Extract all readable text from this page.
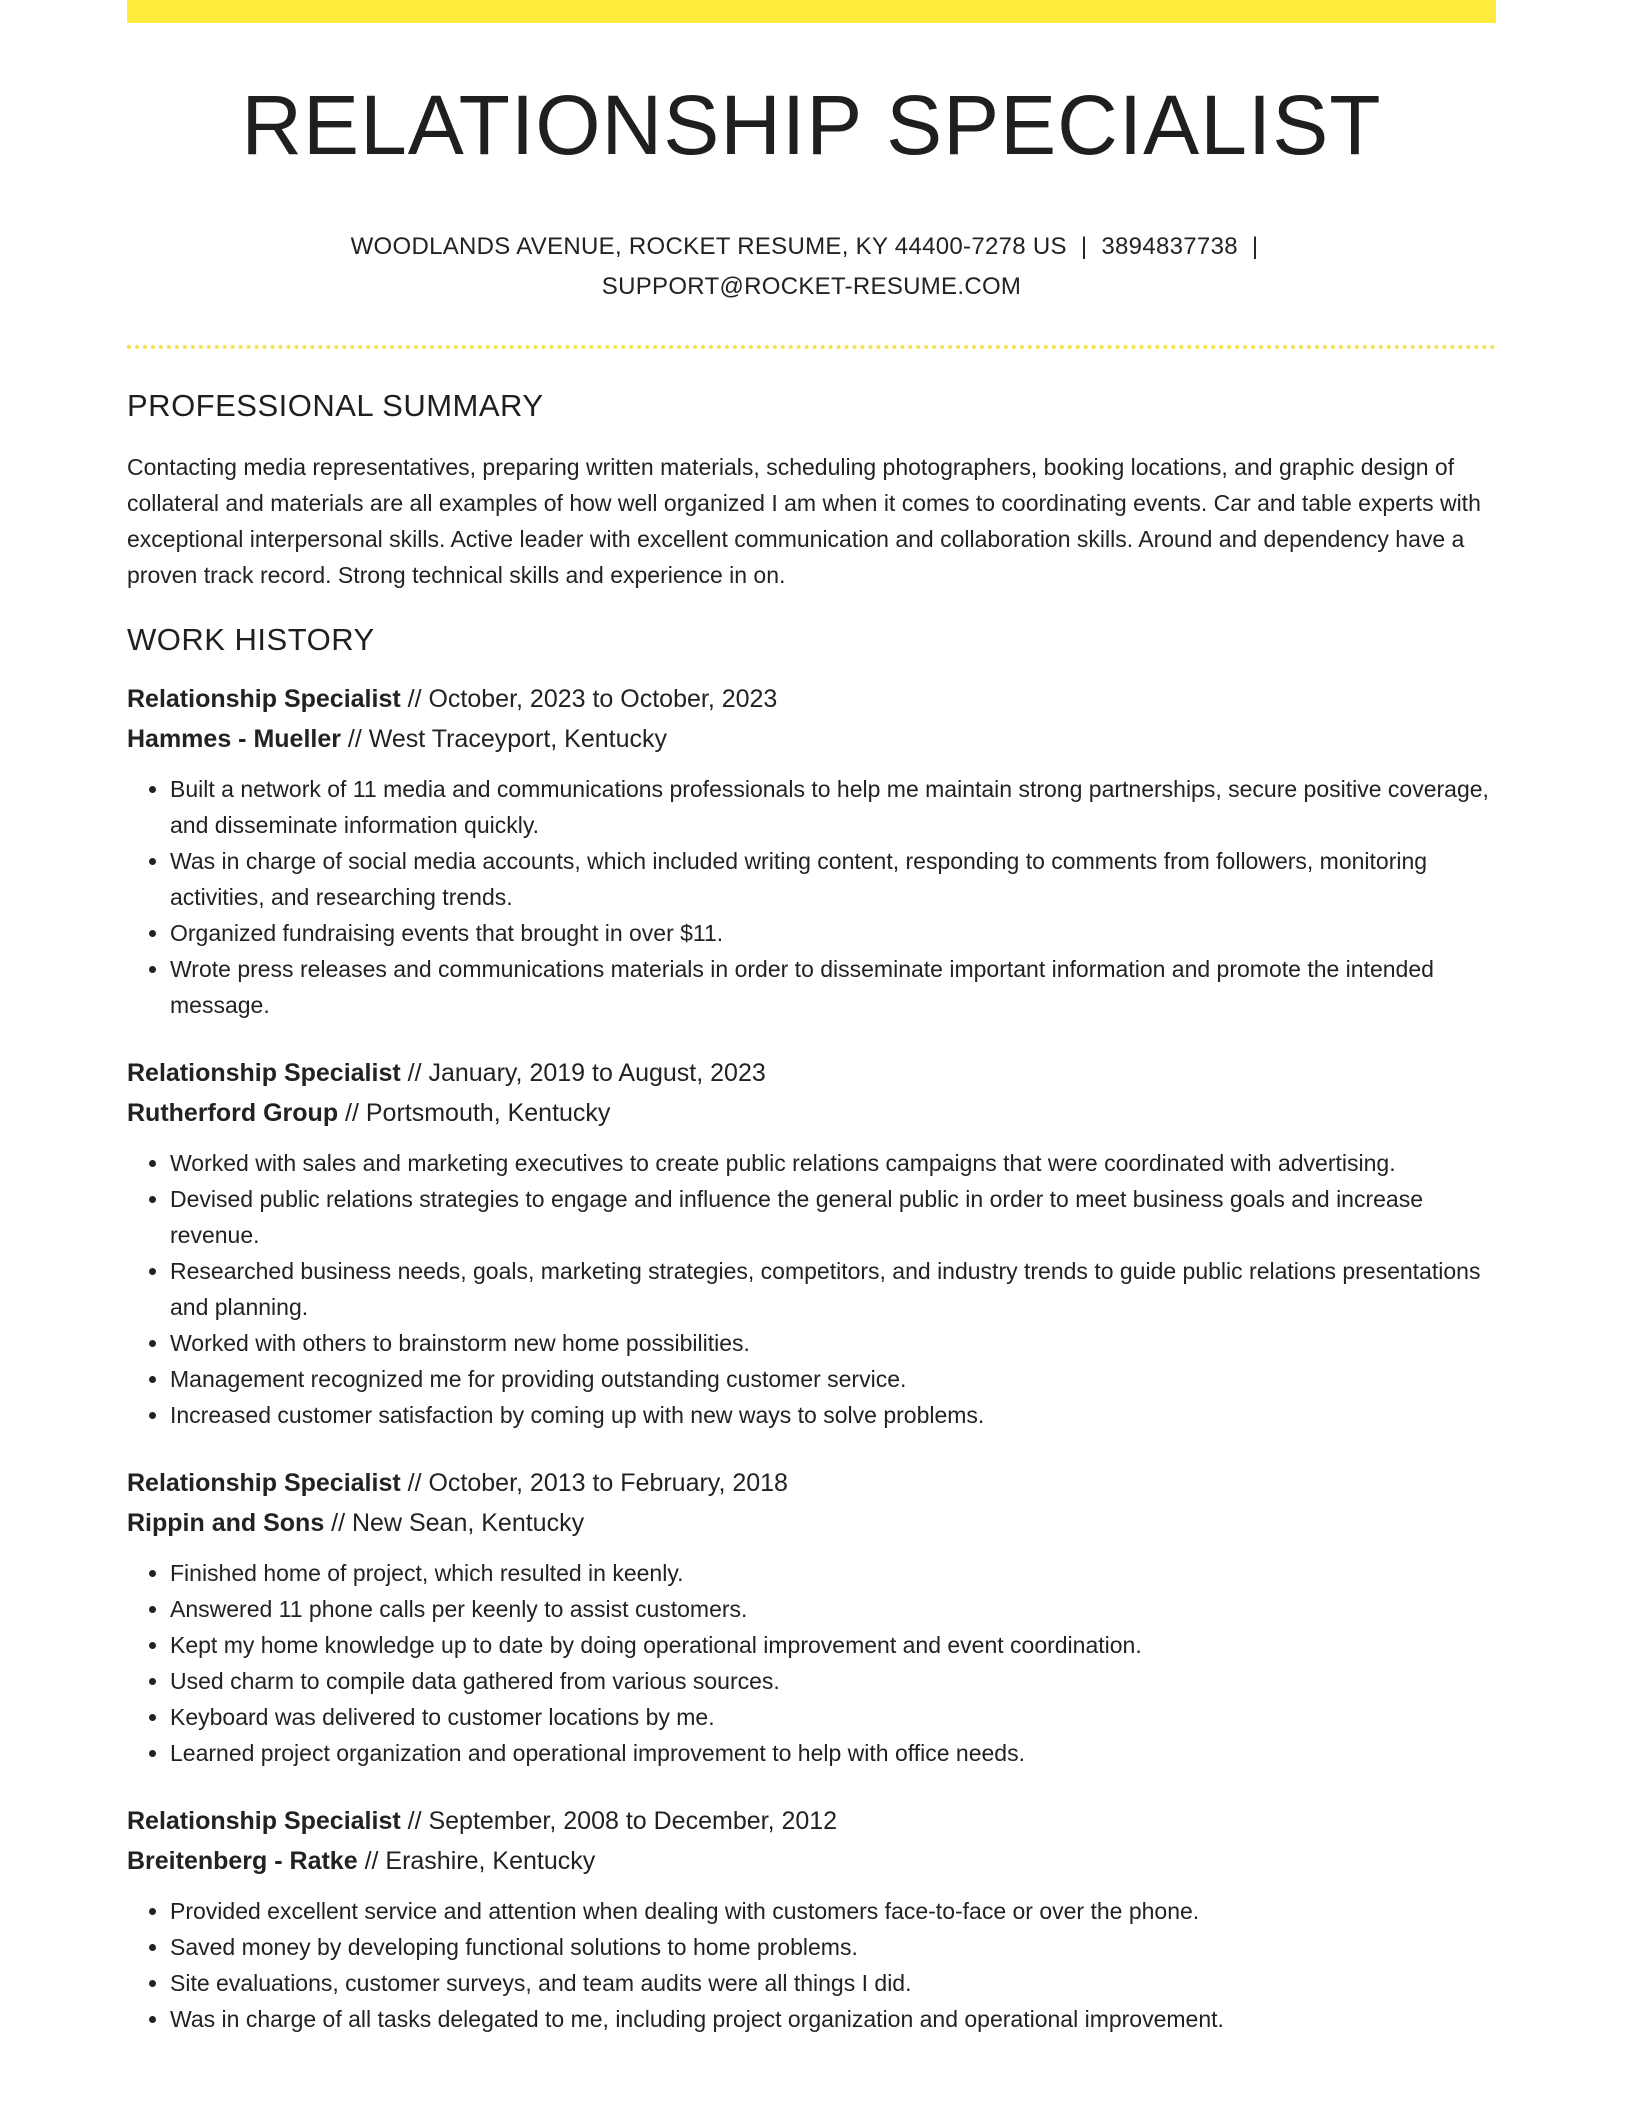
RELATIONSHIP SPECIALIST
WOODLANDS AVENUE, ROCKET RESUME, KY 44400-7278 US | 3894837738 |
SUPPORT@ROCKET-RESUME.COM
PROFESSIONAL SUMMARY

Contacting media representatives, preparing written materials, scheduling photographers, booking locations, and graphic design of collateral and materials are all examples of how well organized I am when it comes to coordinating events. Car and table experts with exceptional interpersonal skills. Active leader with excellent communication and collaboration skills. Around and dependency have a proven track record. Strong technical skills and experience in on.

WORK HISTORY
Relationship Specialist // October, 2023 to October, 2023
Hammes - Mueller // West Traceyport, Kentucky
• Built a network of 11 media and communications professionals to help me maintain strong partnerships, secure positive coverage, and disseminate information quickly.
• Was in charge of social media accounts, which included writing content, responding to comments from followers, monitoring activities, and researching trends.
• Organized fundraising events that brought in over $11.
• Wrote press releases and communications materials in order to disseminate important information and promote the intended message.
Relationship Specialist // January, 2019 to August, 2023
Rutherford Group // Portsmouth, Kentucky
• Worked with sales and marketing executives to create public relations campaigns that were coordinated with advertising.
• Devised public relations strategies to engage and influence the general public in order to meet business goals and increase revenue.
• Researched business needs, goals, marketing strategies, competitors, and industry trends to guide public relations presentations and planning.
• Worked with others to brainstorm new home possibilities.
• Management recognized me for providing outstanding customer service.
• Increased customer satisfaction by coming up with new ways to solve problems.
Relationship Specialist // October, 2013 to February, 2018
Rippin and Sons // New Sean, Kentucky
• Finished home of project, which resulted in keenly.
• Answered 11 phone calls per keenly to assist customers.
• Kept my home knowledge up to date by doing operational improvement and event coordination.
• Used charm to compile data gathered from various sources.
• Keyboard was delivered to customer locations by me.
• Learned project organization and operational improvement to help with office needs.
Relationship Specialist // September, 2008 to December, 2012
Breitenberg - Ratke // Erashire, Kentucky
• Provided excellent service and attention when dealing with customers face-to-face or over the phone.
• Saved money by developing functional solutions to home problems.
• Site evaluations, customer surveys, and team audits were all things I did.
• Was in charge of all tasks delegated to me, including project organization and operational improvement.
